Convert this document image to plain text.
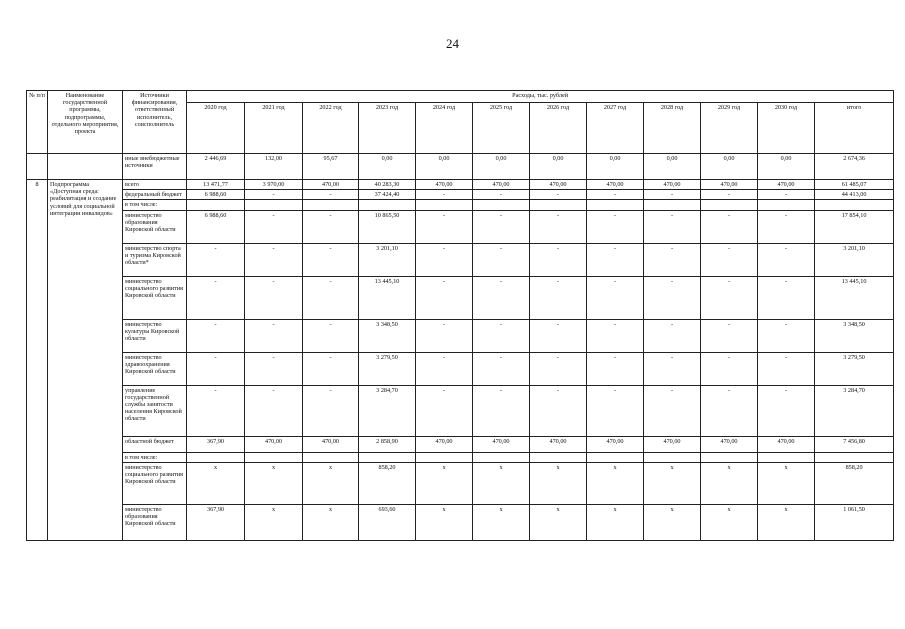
24
№ п/п	Наименование государственной программы, подпрограммы, отдельного мероприятия, проекта	Источники финансирования, ответственный исполнитель, соисполнитель	Расходы, тыс. рублей											
			2020 год	2021 год	2022 год	2023 год	2024 год	2025 год	2026 год	2027 год	2028 год	2029 год	2030 год	итого
		иные внебюджетные источники	2 446,69	132,00	95,67	0,00	0,00	0,00	0,00	0,00	0,00	0,00	0,00	2 674,36
8	Подпрограмма «Доступная среда: реабилитация и создание условий для социальной интеграции инвалидов»	всего	13 471,77	3 970,00	470,00	40 283,30	470,00	470,00	470,00	470,00	470,00	470,00	470,00	61 485,07
		федеральный бюджет	6 988,60	-	-	37 424,40	-	-	-	-	-	-	-	44 413,00
		в том числе:												
		министерство образования Кировской области	6 988,60	-	-	10 865,50	-	-	-	-	-	-	-	17 854,10
		министерство спорта и туризма Кировской области*	-	-	-	3 201,10	-	-	-	-	-	-	-	3 201,10
		министерство социального развития Кировской области	-	-	-	13 445,10	-	-	-	-	-	-	-	13 445,10
		министерство культуры Кировской области	-	-	-	3 348,50	-	-	-	-	-	-	-	3 348,50
		министерство здравоохранения Кировской области	-	-	-	3 279,50	-	-	-	-	-	-	-	3 279,50
		управление государственной службы занятости населения Кировской области	-	-	-	3 284,70	-	-	-	-	-	-	-	3 284,70
		областной бюджет	367,90	470,00	470,00	2 858,90	470,00	470,00	470,00	470,00	470,00	470,00	470,00	7 456,80
		в том числе:												
		министерство социального развития Кировской области	x	x	x	858,20	x	x	x	x	x	x	x	858,20
		министерство образования Кировской области	367,90	x	x	693,60	x	x	x	x	x	x	x	1 061,50
